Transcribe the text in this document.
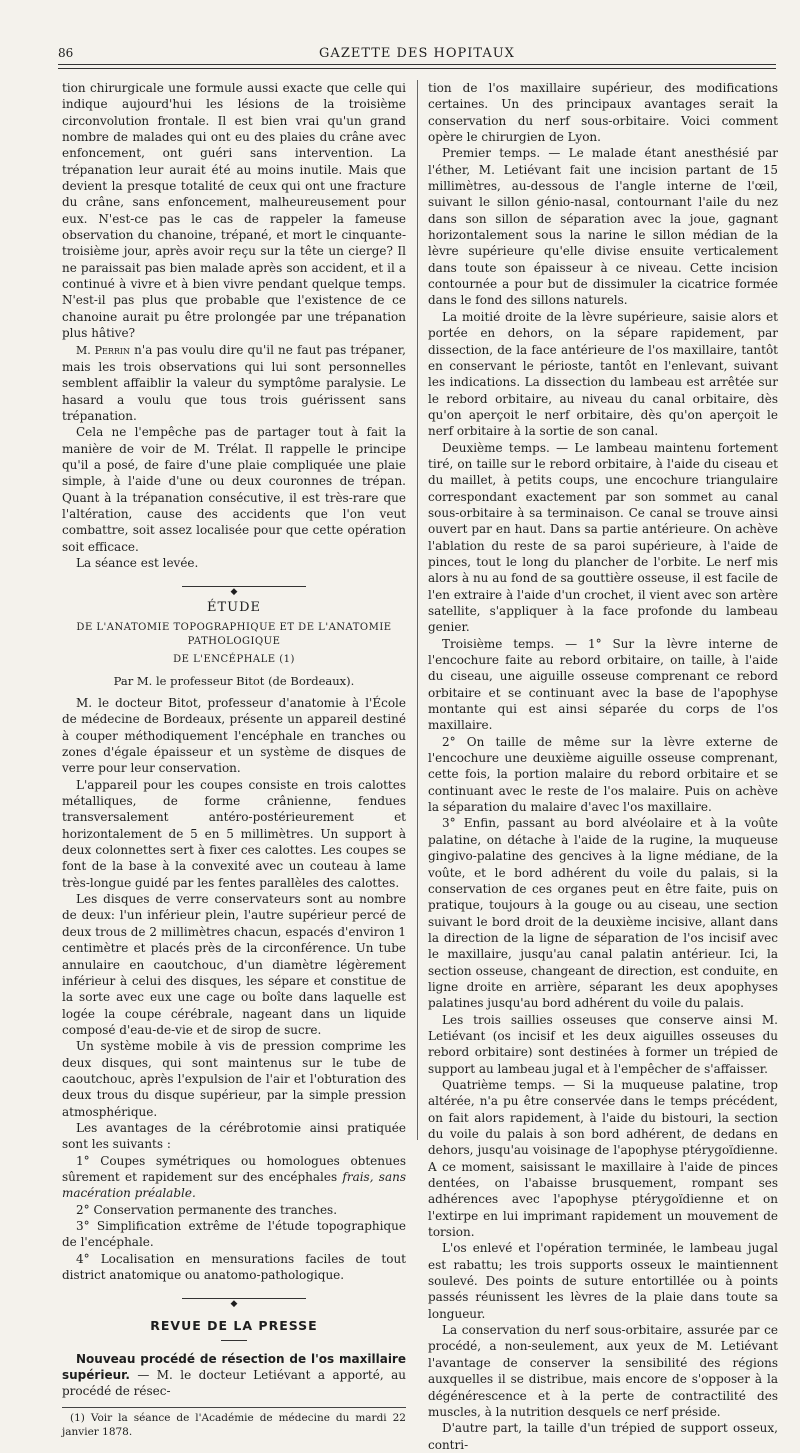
86	GAZETTE DES HOPITAUX

tion chirurgicale une formule aussi exacte que celle qui indique aujourd'hui les lésions de la troisième circonvolution frontale. Il est bien vrai qu'un grand nombre de malades qui ont eu des plaies du crâne avec enfoncement, ont guéri sans intervention. La trépanation leur aurait été au moins inutile. Mais que devient la presque totalité de ceux qui ont une fracture du crâne, sans enfoncement, malheureusement pour eux. N'est-ce pas le cas de rappeler la fameuse observation du chanoine, trépané, et mort le cinquante-troisième jour, après avoir reçu sur la tête un cierge? Il ne paraissait pas bien malade après son accident, et il a continué à vivre et à bien vivre pendant quelque temps. N'est-il pas plus que probable que l'existence de ce chanoine aurait pu être prolongée par une trépanation plus hâtive?

M. Perrin n'a pas voulu dire qu'il ne faut pas trépaner, mais les trois observations qui lui sont personnelles semblent affaiblir la valeur du symptôme paralysie. Le hasard a voulu que tous trois guérissent sans trépanation.

Cela ne l'empêche pas de partager tout à fait la manière de voir de M. Trélat. Il rappelle le principe qu'il a posé, de faire d'une plaie compliquée une plaie simple, à l'aide d'une ou deux couronnes de trépan. Quant à la trépanation consécutive, il est très-rare que l'altération, cause des accidents que l'on veut combattre, soit assez localisée pour que cette opération soit efficace.

La séance est levée.

◆
ÉTUDE
DE L'ANATOMIE TOPOGRAPHIQUE ET DE L'ANATOMIE PATHOLOGIQUE
DE L'ENCÉPHALE (1)
Par M. le professeur Bitot (de Bordeaux).

M. le docteur Bitot, professeur d'anatomie à l'École de médecine de Bordeaux, présente un appareil destiné à couper méthodiquement l'encéphale en tranches ou zones d'égale épaisseur et un système de disques de verre pour leur conservation.

L'appareil pour les coupes consiste en trois calottes métalliques, de forme crânienne, fendues transversalement antéro-postérieurement et horizontalement de 5 en 5 millimètres. Un support à deux colonnettes sert à fixer ces calottes. Les coupes se font de la base à la convexité avec un couteau à lame très-longue guidé par les fentes parallèles des calottes.

Les disques de verre conservateurs sont au nombre de deux: l'un inférieur plein, l'autre supérieur percé de deux trous de 2 millimètres chacun, espacés d'environ 1 centimètre et placés près de la circonférence. Un tube annulaire en caoutchouc, d'un diamètre légèrement inférieur à celui des disques, les sépare et constitue de la sorte avec eux une cage ou boîte dans laquelle est logée la coupe cérébrale, nageant dans un liquide composé d'eau-de-vie et de sirop de sucre.

Un système mobile à vis de pression comprime les deux disques, qui sont maintenus sur le tube de caoutchouc, après l'expulsion de l'air et l'obturation des deux trous du disque supérieur, par la simple pression atmosphérique.

Les avantages de la cérébrotomie ainsi pratiquée sont les suivants :

1° Coupes symétriques ou homologues obtenues sûrement et rapidement sur des encéphales frais, sans macération préalable.

2° Conservation permanente des tranches.

3° Simplification extrême de l'étude topographique de l'encéphale.

4° Localisation en mensurations faciles de tout district anatomique ou anatomo-pathologique.

◆
REVUE DE LA PRESSE

Nouveau procédé de résection de l'os maxillaire supérieur. — M. le docteur Letiévant a apporté, au procédé de résec-

(1) Voir la séance de l'Académie de médecine du mardi 22 janvier 1878.

tion de l'os maxillaire supérieur, des modifications certaines. Un des principaux avantages serait la conservation du nerf sous-orbitaire. Voici comment opère le chirurgien de Lyon.

Premier temps. — Le malade étant anesthésié par l'éther, M. Letiévant fait une incision partant de 15 millimètres, au-dessous de l'angle interne de l'œil, suivant le sillon génio-nasal, contournant l'aile du nez dans son sillon de séparation avec la joue, gagnant horizontalement sous la narine le sillon médian de la lèvre supérieure qu'elle divise ensuite verticalement dans toute son épaisseur à ce niveau. Cette incision contournée a pour but de dissimuler la cicatrice formée dans le fond des sillons naturels.

La moitié droite de la lèvre supérieure, saisie alors et portée en dehors, on la sépare rapidement, par dissection, de la face antérieure de l'os maxillaire, tantôt en conservant le périoste, tantôt en l'enlevant, suivant les indications. La dissection du lambeau est arrêtée sur le rebord orbitaire, au niveau du canal orbitaire, dès qu'on aperçoit le nerf orbitaire, dès qu'on aperçoit le nerf orbitaire à la sortie de son canal.

Deuxième temps. — Le lambeau maintenu fortement tiré, on taille sur le rebord orbitaire, à l'aide du ciseau et du maillet, à petits coups, une encochure triangulaire correspondant exactement par son sommet au canal sous-orbitaire à sa terminaison. Ce canal se trouve ainsi ouvert par en haut. Dans sa partie antérieure. On achève l'ablation du reste de sa paroi supérieure, à l'aide de pinces, tout le long du plancher de l'orbite. Le nerf mis alors à nu au fond de sa gouttière osseuse, il est facile de l'en extraire à l'aide d'un crochet, il vient avec son artère satellite, s'appliquer à la face profonde du lambeau genier.

Troisième temps. — 1° Sur la lèvre interne de l'encochure faite au rebord orbitaire, on taille, à l'aide du ciseau, une aiguille osseuse comprenant ce rebord orbitaire et se continuant avec la base de l'apophyse montante qui est ainsi séparée du corps de l'os maxillaire.

2° On taille de même sur la lèvre externe de l'encochure une deuxième aiguille osseuse comprenant, cette fois, la portion malaire du rebord orbitaire et se continuant avec le reste de l'os malaire. Puis on achève la séparation du malaire d'avec l'os maxillaire.

3° Enfin, passant au bord alvéolaire et à la voûte palatine, on détache à l'aide de la rugine, la muqueuse gingivo-palatine des gencives à la ligne médiane, de la voûte, et le bord adhérent du voile du palais, si la conservation de ces organes peut en être faite, puis on pratique, toujours à la gouge ou au ciseau, une section suivant le bord droit de la deuxième incisive, allant dans la direction de la ligne de séparation de l'os incisif avec le maxillaire, jusqu'au canal palatin antérieur. Ici, la section osseuse, changeant de direction, est conduite, en ligne droite en arrière, séparant les deux apophyses palatines jusqu'au bord adhérent du voile du palais.

Les trois saillies osseuses que conserve ainsi M. Letiévant (os incisif et les deux aiguilles osseuses du rebord orbitaire) sont destinées à former un trépied de support au lambeau jugal et à l'empêcher de s'affaisser.

Quatrième temps. — Si la muqueuse palatine, trop altérée, n'a pu être conservée dans le temps précédent, on fait alors rapidement, à l'aide du bistouri, la section du voile du palais à son bord adhérent, de dedans en dehors, jusqu'au voisinage de l'apophyse ptérygoïdienne. A ce moment, saisissant le maxillaire à l'aide de pinces dentées, on l'abaisse brusquement, rompant ses adhérences avec l'apophyse ptérygoïdienne et on l'extirpe en lui imprimant rapidement un mouvement de torsion.

L'os enlevé et l'opération terminée, le lambeau jugal est rabattu; les trois supports osseux le maintiennent soulevé. Des points de suture entortillée ou à points passés réunissent les lèvres de la plaie dans toute sa longueur.

La conservation du nerf sous-orbitaire, assurée par ce procédé, a non-seulement, aux yeux de M. Letiévant l'avantage de conserver la sensibilité des régions auxquelles il se distribue, mais encore de s'opposer à la dégénérescence et à la perte de contractilité des muscles, à la nutrition desquels ce nerf préside.

D'autre part, la taille d'un trépied de support osseux, contri-
